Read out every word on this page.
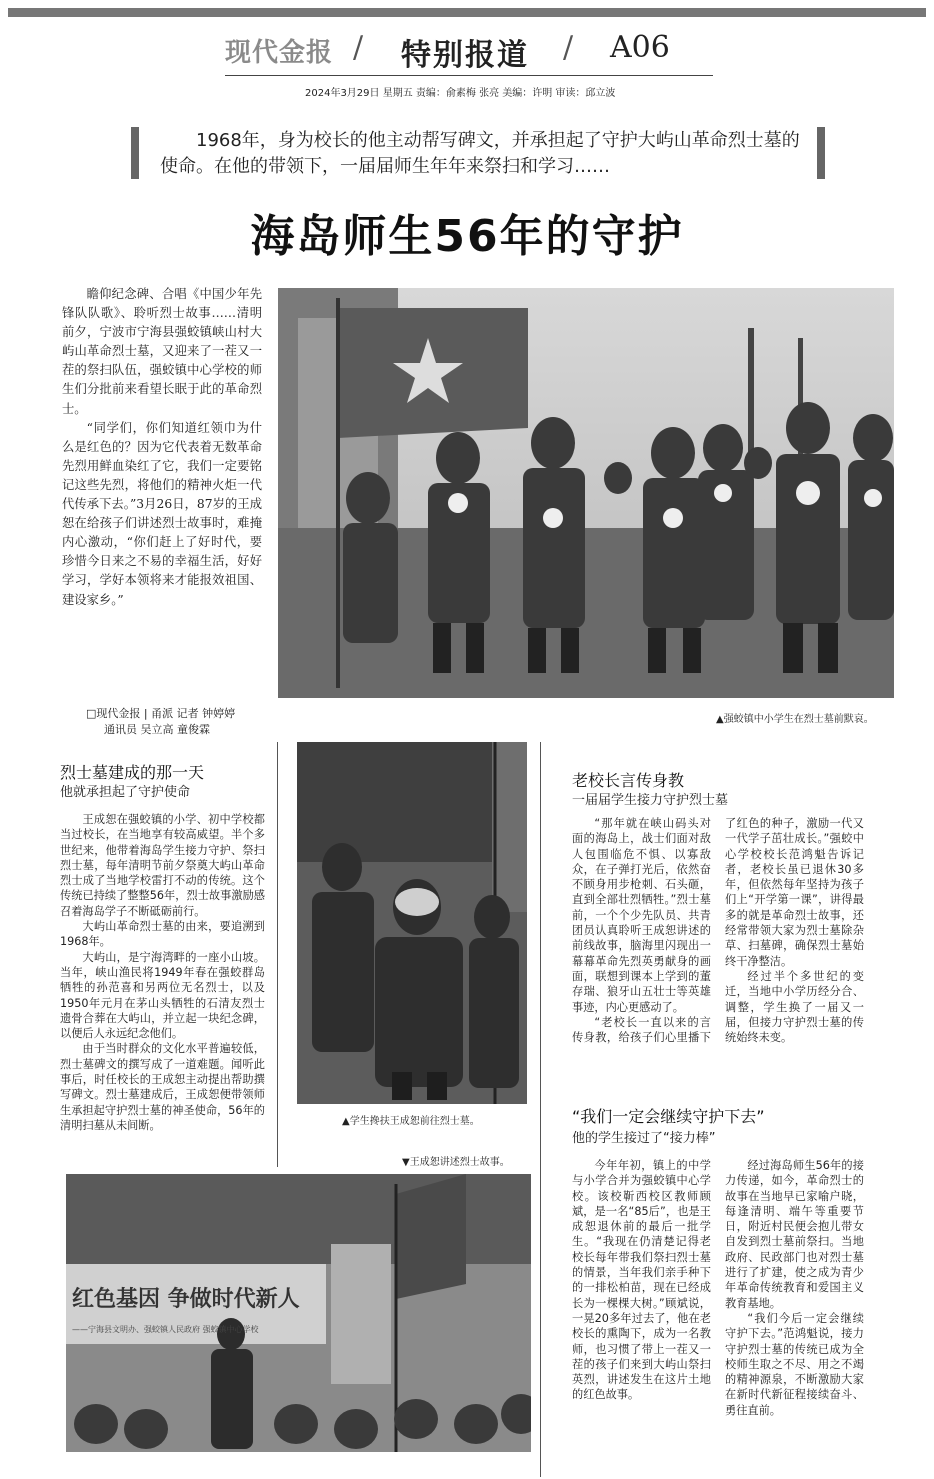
现代金报 / 特别报道 / A06
2024年3月29日 星期五 责编：俞素梅 张亮 美编：许明 审读：邱立波
1968年，身为校长的他主动帮写碑文，并承担起了守护大屿山革命烈士墓的使命。在他的带领下，一届届师生年年来祭扫和学习……
海岛师生56年的守护

瞻仰纪念碑、合唱《中国少年先锋队队歌》、聆听烈士故事……清明前夕，宁波市宁海县强蛟镇峡山村大屿山革命烈士墓，又迎来了一茬又一茬的祭扫队伍，强蛟镇中心学校的师生们分批前来看望长眠于此的革命烈士。

“同学们，你们知道红领巾为什么是红色的？因为它代表着无数革命先烈用鲜血染红了它，我们一定要铭记这些先烈，将他们的精神火炬一代代传承下去。”3月26日，87岁的王成恕在给孩子们讲述烈士故事时，难掩内心激动，“你们赶上了好时代，要珍惜今日来之不易的幸福生活，好好学习，学好本领将来才能报效祖国、建设家乡。”

□现代金报 | 甬派 记者 钟婷婷
通讯员 吴立高 童俊霖
▲强蛟镇中小学生在烈士墓前默哀。
烈士墓建成的那一天
他就承担起了守护使命

王成恕在强蛟镇的小学、初中学校都当过校长，在当地享有较高威望。半个多世纪来，他带着海岛学生接力守护、祭扫烈士墓，每年清明节前夕祭奠大屿山革命烈士成了当地学校雷打不动的传统。这个传统已持续了整整56年，烈士故事激励感召着海岛学子不断砥砺前行。

大屿山革命烈士墓的由来，要追溯到1968年。

大屿山，是宁海湾畔的一座小山坡。当年，峡山渔民将1949年春在强蛟群岛牺牲的孙范喜和另两位无名烈士，以及1950年元月在茅山头牺牲的石清友烈士遗骨合葬在大屿山，并立起一块纪念碑，以便后人永远纪念他们。

由于当时群众的文化水平普遍较低，烈士墓碑文的撰写成了一道难题。闻听此事后，时任校长的王成恕主动提出帮助撰写碑文。烈士墓建成后，王成恕便带领师生承担起守护烈士墓的神圣使命，56年的清明扫墓从未间断。	▲学生搀扶王成恕前往烈士墓。
▼王成恕讲述烈士故事。
老校长言传身教
一届届学生接力守护烈士墓

“那年就在峡山码头对面的海岛上，战士们面对敌人包围临危不惧、以寡敌众，在子弹打光后，依然奋不顾身用步枪刺、石头砸，直到全部壮烈牺牲。”烈士墓前，一个个少先队员、共青团员认真聆听王成恕讲述的前线故事，脑海里闪现出一幕幕革命先烈英勇献身的画面，联想到课本上学到的董存瑞、狼牙山五壮士等英雄事迹，内心更感动了。

“老校长一直以来的言传身教，给孩子们心里播下了红色的种子，激励一代又一代学子茁壮成长。”强蛟中心学校校长范鸿魁告诉记者，老校长虽已退休30多年，但依然每年坚持为孩子们上“开学第一课”，讲得最多的就是革命烈士故事，还经常带领大家为烈士墓除杂草、扫墓碑，确保烈士墓始终干净整洁。

经过半个多世纪的变迁，当地中小学历经分合、调整，学生换了一届又一届，但接力守护烈士墓的传统始终未变。

“我们一定会继续守护下去”
他的学生接过了“接力棒”

今年年初，镇上的中学与小学合并为强蛟镇中心学校。该校靳西校区教师顾斌，是一名“85后”，也是王成恕退休前的最后一批学生。“我现在仍清楚记得老校长每年带我们祭扫烈士墓的情景，当年我们亲手种下的一排松柏苗，现在已经成长为一棵棵大树。”顾斌说，一晃20多年过去了，他在老校长的熏陶下，成为一名教师，也习惯了带上一茬又一茬的孩子们来到大屿山祭扫英烈，讲述发生在这片土地的红色故事。

经过海岛师生56年的接力传递，如今，革命烈士的故事在当地早已家喻户晓，每逢清明、端午等重要节日，附近村民便会抱儿带女自发到烈士墓前祭扫。当地政府、民政部门也对烈士墓进行了扩建，使之成为青少年革命传统教育和爱国主义教育基地。

“我们今后一定会继续守护下去。”范鸿魁说，接力守护烈士墓的传统已成为全校师生取之不尽、用之不竭的精神源泉，不断激励大家在新时代新征程接续奋斗、勇往直前。

红色基因 争做时代新人
——宁海县文明办、强蛟镇人民政府 强蛟镇中心学校
